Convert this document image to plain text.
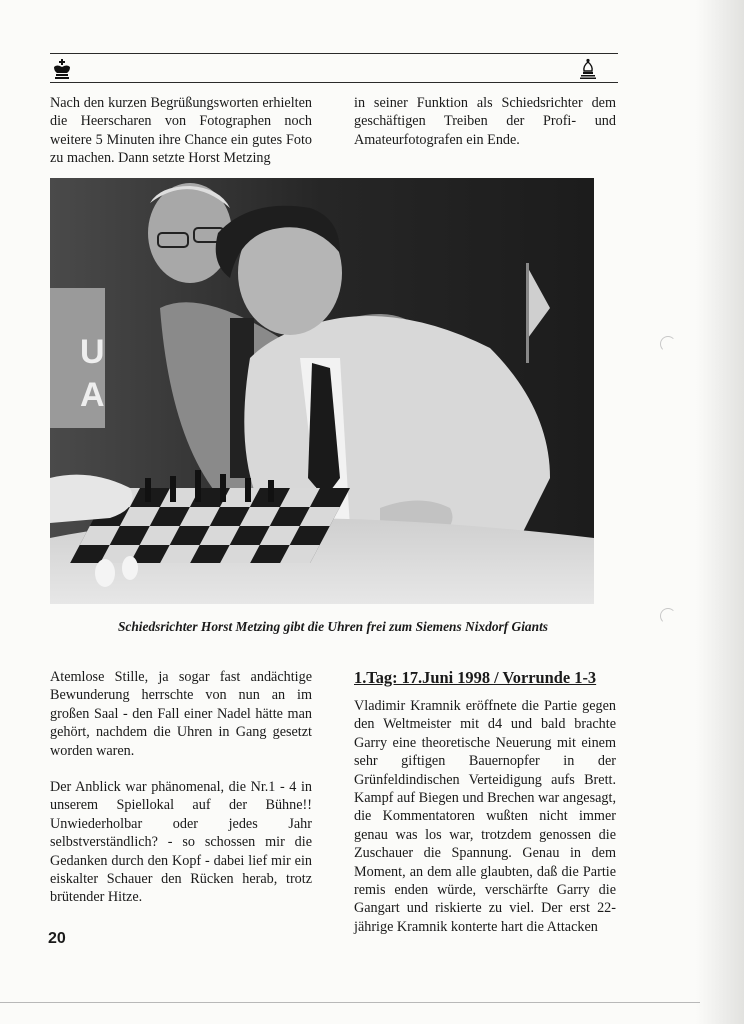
Nach den kurzen Begrüßungsworten erhielten die Heerscharen von Fotographen noch weitere 5 Minuten ihre Chance ein gutes Foto zu machen. Dann setzte Horst Metzing

in seiner Funktion als Schiedsrichter dem geschäftigen Treiben der Profi- und Amateurfotografen ein Ende.

U
A
Schiedsrichter Horst Metzing gibt die Uhren frei zum Siemens Nixdorf Giants

Atemlose Stille, ja sogar fast andächtige Bewunderung herrschte von nun an im großen Saal - den Fall einer Nadel hätte man gehört, nachdem die Uhren in Gang gesetzt worden waren.

Der Anblick war phänomenal, die Nr.1 - 4 in unserem Spiellokal auf der Bühne!! Unwiederholbar oder jedes Jahr selbstverständlich? - so schossen mir die Gedanken durch den Kopf - dabei lief mir ein eiskalter Schauer den Rücken herab, trotz brütender Hitze.

1.Tag: 17.Juni 1998 / Vorrunde 1-3

Vladimir Kramnik eröffnete die Partie gegen den Weltmeister mit d4 und bald brachte Garry eine theoretische Neuerung mit einem sehr giftigen Bauernopfer in der Grünfeldindischen Verteidigung aufs Brett. Kampf auf Biegen und Brechen war angesagt, die Kommentatoren wußten nicht immer genau was los war, trotzdem genossen die Zuschauer die Spannung. Genau in dem Moment, an dem alle glaubten, daß die Partie remis enden würde, verschärfte Garry die Gangart und riskierte zu viel. Der erst 22-jährige Kramnik konterte hart die Attacken

20
